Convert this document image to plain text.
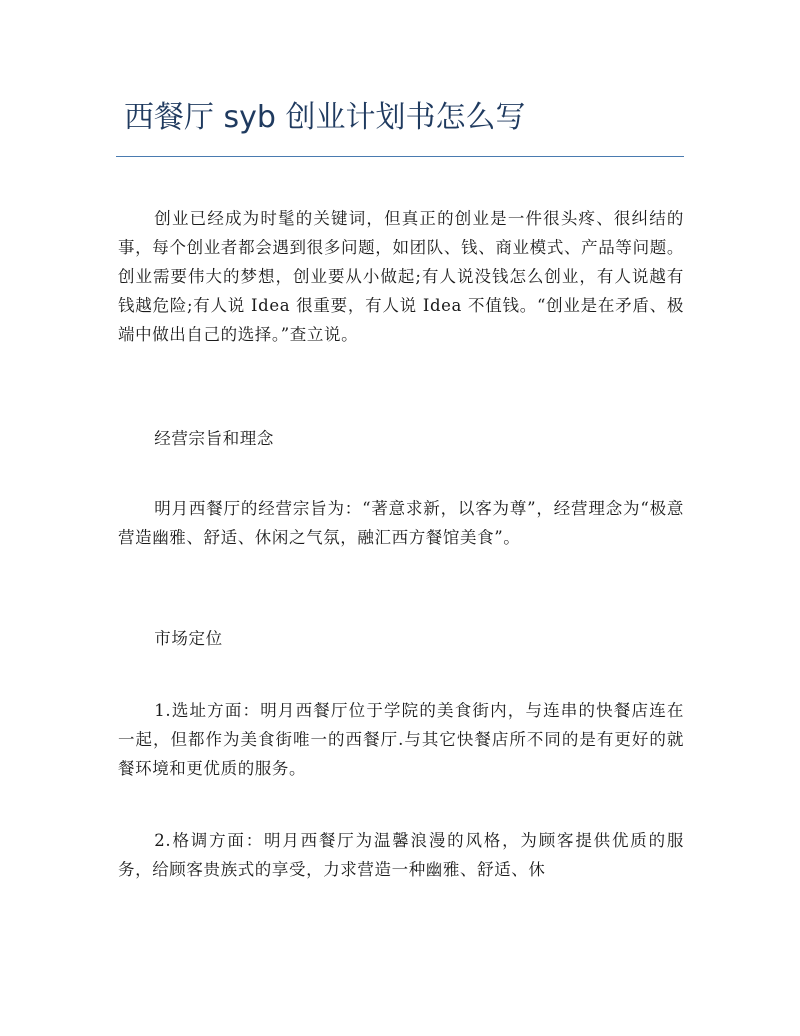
西餐厅 syb 创业计划书怎么写

创业已经成为时髦的关键词，但真正的创业是一件很头疼、很纠结的事，每个创业者都会遇到很多问题，如团队、钱、商业模式、产品等问题。创业需要伟大的梦想，创业要从小做起;有人说没钱怎么创业，有人说越有钱越危险;有人说 Idea 很重要，有人说 Idea 不值钱。“创业是在矛盾、极端中做出自己的选择。”查立说。

经营宗旨和理念

明月西餐厅的经营宗旨为：“著意求新，以客为尊”，经营理念为“极意营造幽雅、舒适、休闲之气氛，融汇西方餐馆美食”。

市场定位

1.选址方面：明月西餐厅位于学院的美食街内，与连串的快餐店连在一起，但都作为美食街唯一的西餐厅.与其它快餐店所不同的是有更好的就餐环境和更优质的服务。

2.格调方面：明月西餐厅为温馨浪漫的风格，为顾客提供优质的服务，给顾客贵族式的享受，力求营造一种幽雅、舒适、休
